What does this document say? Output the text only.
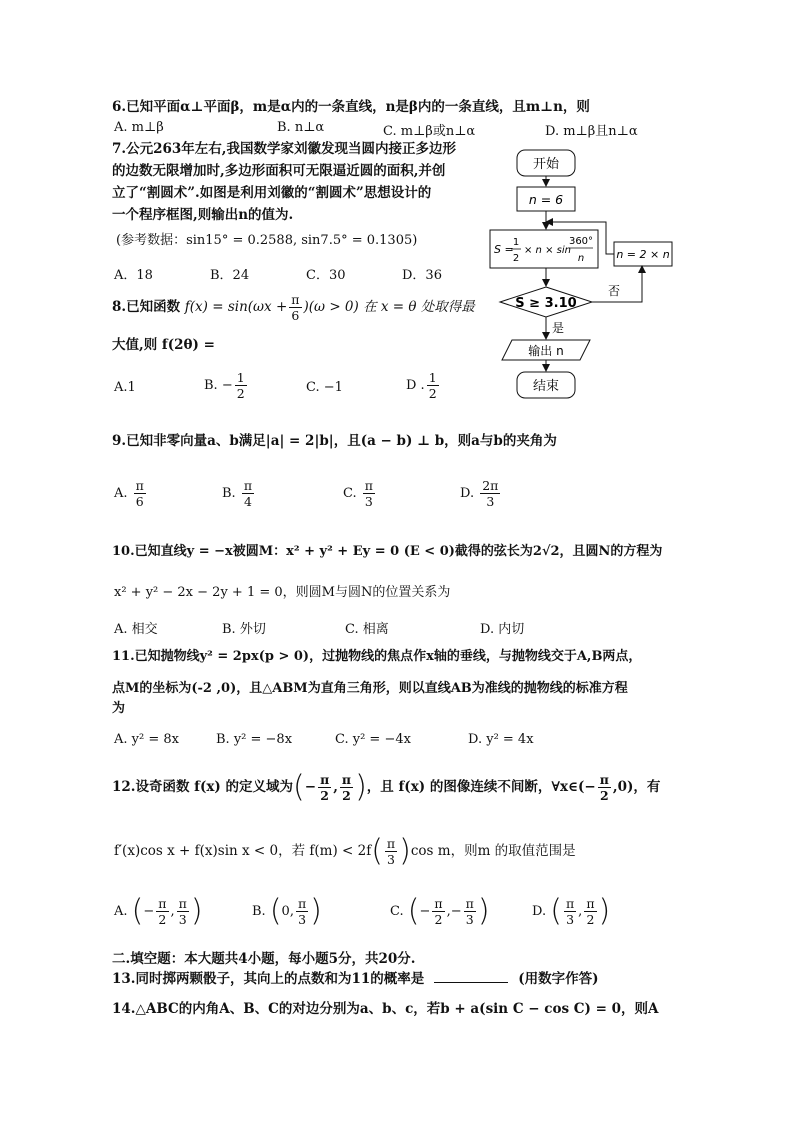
6.已知平面α⊥平面β，m是α内的一条直线，n是β内的一条直线，且m⊥n，则
A. m⊥β	B. n⊥α	C. m⊥β或n⊥α	D. m⊥β且n⊥α
7.公元263年左右,我国数学家刘徽发现当圆内接正多边形
的边数无限增加时,多边形面积可无限逼近圆的面积,并创
立了“割圆术”.如图是利用刘徽的“割圆术”思想设计的
一个程序框图,则输出n的值为.
(参考数据：sin15° = 0.2588, sin7.5° = 0.1305)
A．18	B．24	C．30	D．36
开始
n = 6
S =
1
2
× n × sin
360°
n
S ≥ 3.10
否
n = 2 × n
是
输出 n
结束
8.已知函数 $f(x) = \sin(\omega x + \frac{\pi}{6} )(\omega > 0)$ 在 x = θ 处取得最
大值,则 f(2θ) =
A.1	B. − $\frac{1}{2}$	C. −1	D . $\frac{1}{2}$
9.已知非零向量a、b满足|a| = 2|b|，且(a − b) ⊥ b，则a与b的夹角为
A. $\frac{\pi}{6}$	B. $\frac{\pi}{4}$	C. $\frac{\pi}{3}$	D. $\frac{2\pi}{3}$
10.已知直线y = −x被圆M：x² + y² + Ey = 0 (E < 0)截得的弦长为2√2，且圆N的方程为
x² + y² − 2x − 2y + 1 = 0，则圆M与圆N的位置关系为
A. 相交	B. 外切	C. 相离	D. 内切
11.已知抛物线y² = 2px(p > 0)，过抛物线的焦点作x轴的垂线，与抛物线交于A,B两点，
点M的坐标为(-2 ,0)，且△ABM为直角三角形，则以直线AB为准线的抛物线的标准方程
为
A. y² = 8x	B. y² = −8x	C. y² = −4x	D. y² = 4x
12.设奇函数 f(x) 的定义域为(− $\frac{\pi}{2}$ , $\frac{\pi}{2}$ )，且 f(x) 的图像连续不间断，∀x∈(− $\frac{\pi}{2} ,0$)，有
f′(x)cos x + f(x)sin x < 0，若 $f(m) < 2f( \frac{\pi}{3} )\cos$ m，则m 的取值范围是
A. (− $\frac{\pi}{2}$ , $\frac{\pi}{3}$ )	B. (0, $\frac{\pi}{3}$ )	C. (− $\frac{\pi}{2}$ ,− $\frac{\pi}{3}$ )	D. ( $\frac{\pi}{3}$ , $\frac{\pi}{2}$ )
二.填空题：本大题共4小题，每小题5分，共20分.
13.同时掷两颗骰子，其向上的点数和为11的概率是	(用数字作答)
14.△ABC的内角A、B、C的对边分别为a、b、c，若b + a(sin C − cos C) = 0，则A
